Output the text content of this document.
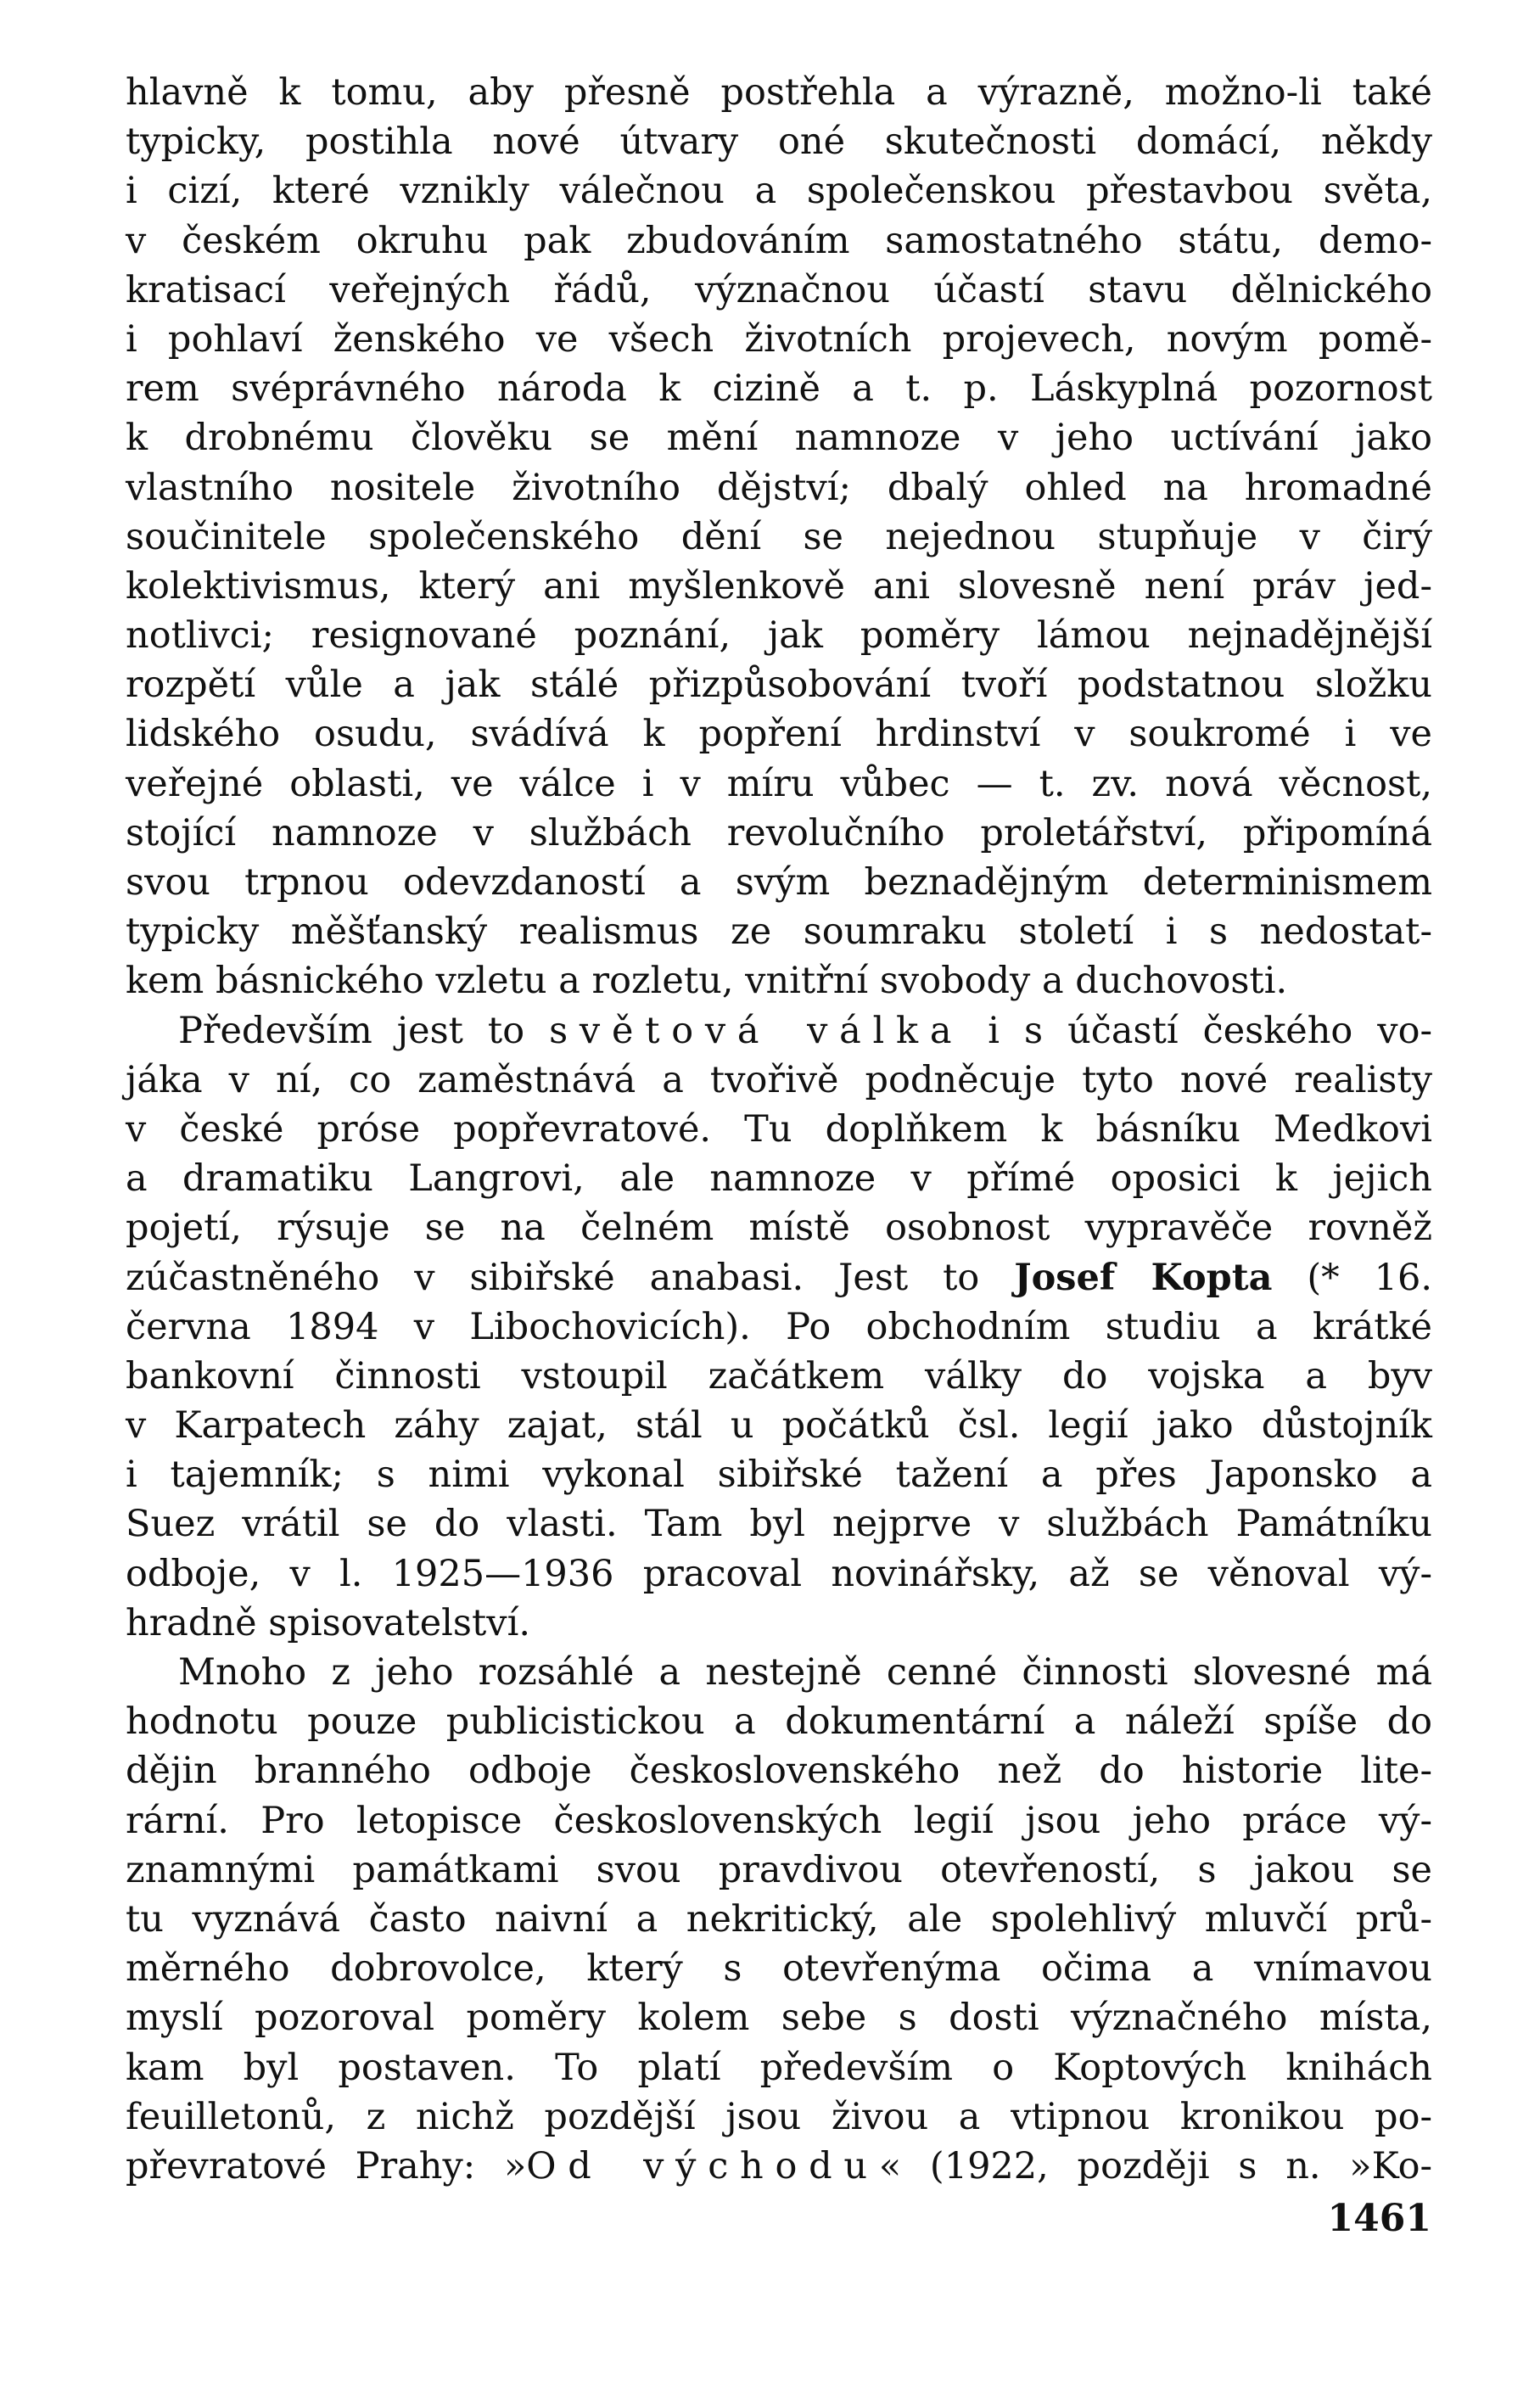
hlavně k tomu, aby přesně postřehla a výrazně, možno-li také
typicky, postihla nové útvary oné skutečnosti domácí, někdy
i cizí, které vznikly válečnou a společenskou přestavbou světa,
v českém okruhu pak zbudováním samostatného státu, demo-
kratisací veřejných řádů, význačnou účastí stavu dělnického
i pohlaví ženského ve všech životních projevech, novým pomě-
rem svéprávného národa k cizině a t. p. Láskyplná pozornost
k drobnému člověku se mění namnoze v jeho uctívání jako
vlastního nositele životního dějství; dbalý ohled na hromadné
součinitele společenského dění se nejednou stupňuje v čirý
kolektivismus, který ani myšlenkově ani slovesně není práv jed-
notlivci; resignované poznání, jak poměry lámou nejnadějnější
rozpětí vůle a jak stálé přizpůsobování tvoří podstatnou složku
lidského osudu, svádívá k popření hrdinství v soukromé i ve
veřejné oblasti, ve válce i v míru vůbec — t. zv. nová věcnost,
stojící namnoze v službách revolučního proletářství, připomíná
svou trpnou odevzdaností a svým beznadějným determinismem
typicky měšťanský realismus ze soumraku století i s nedostat-
kem básnického vzletu a rozletu, vnitřní svobody a duchovosti.
Především jest to světová válka i s účastí českého vo-
jáka v ní, co zaměstnává a tvořivě podněcuje tyto nové realisty
v české próse popřevratové. Tu doplňkem k básníku Medkovi
a dramatiku Langrovi, ale namnoze v přímé oposici k jejich
pojetí, rýsuje se na čelném místě osobnost vypravěče rovněž
zúčastněného v sibiřské anabasi. Jest to Josef Kopta (* 16.
června 1894 v Libochovicích). Po obchodním studiu a krátké
bankovní činnosti vstoupil začátkem války do vojska a byv
v Karpatech záhy zajat, stál u počátků čsl. legií jako důstojník
i tajemník; s nimi vykonal sibiřské tažení a přes Japonsko a
Suez vrátil se do vlasti. Tam byl nejprve v službách Památníku
odboje, v l. 1925—1936 pracoval novinářsky, až se věnoval vý-
hradně spisovatelství.
Mnoho z jeho rozsáhlé a nestejně cenné činnosti slovesné má
hodnotu pouze publicistickou a dokumentární a náleží spíše do
dějin branného odboje československého než do historie lite-
rární. Pro letopisce československých legií jsou jeho práce vý-
znamnými památkami svou pravdivou otevřeností, s jakou se
tu vyznává často naivní a nekritický, ale spolehlivý mluvčí prů-
měrného dobrovolce, který s otevřenýma očima a vnímavou
myslí pozoroval poměry kolem sebe s dosti význačného místa,
kam byl postaven. To platí především o Koptových knihách
feuilletonů, z nichž pozdější jsou živou a vtipnou kronikou po-
převratové Prahy: »Od východu« (1922, později s n. »Ko-
1461
